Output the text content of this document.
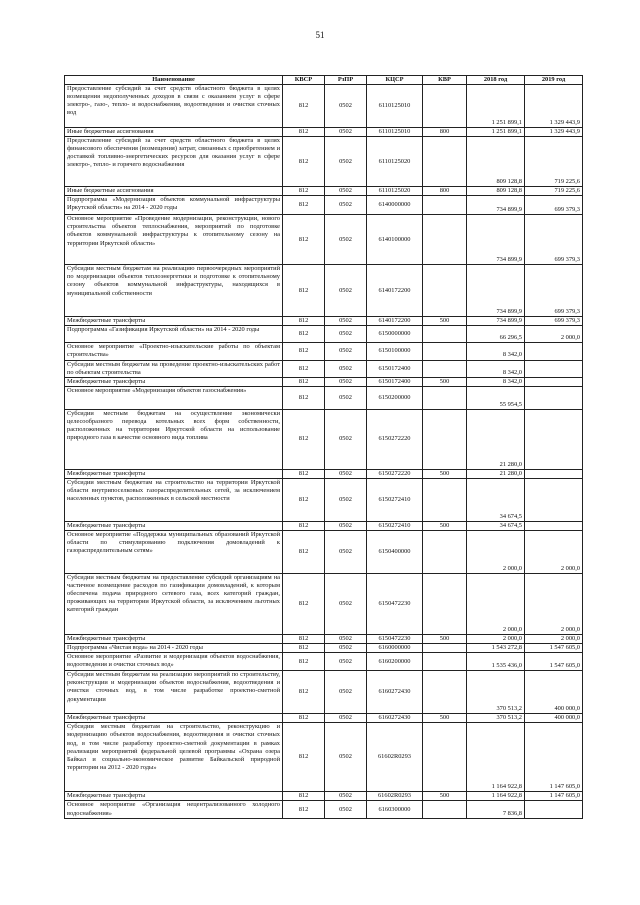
51
Наименование	КВСР	РзПР	КЦСР	КВР	2018 год	2019 год
Предоставление субсидий за счет средств областного бюджета в целях возмещения недополученных доходов в связи с оказанием услуг в сфере электро-, газо-, тепло- и водоснабжения, водоотведения и очистки сточных вод	812	0502	6110125010		1 251 899,1	1 329 443,9
Иные бюджетные ассигнования	812	0502	6110125010	800	1 251 899,1	1 329 443,9
Предоставление субсидий за счет средств областного бюджета в целях финансового обеспечения (возмещения) затрат, связанных с приобретением и доставкой топливно-энергетических ресурсов для оказания услуг в сфере электро-, тепло- и горячего водоснабжения	812	0502	6110125020		809 128,8	719 225,6
Иные бюджетные ассигнования	812	0502	6110125020	800	809 128,8	719 225,6
Подпрограмма «Модернизация объектов коммунальной инфраструктуры Иркутской области» на 2014 - 2020 годы	812	0502	6140000000		734 899,9	699 379,3
Основное мероприятие «Проведение модернизации, реконструкции, нового строительства объектов теплоснабжения, мероприятий по подготовке объектов коммунальной инфраструктуры к отопительному сезону на территории Иркутской области»	812	0502	6140100000		734 899,9	699 379,3
Субсидии местным бюджетам на реализацию первоочередных мероприятий по модернизации объектов теплоэнергетики и подготовке к отопительному сезону объектов коммунальной инфраструктуры, находящихся в муниципальной собственности	812	0502	6140172200		734 899,9	699 379,3
Межбюджетные трансферты	812	0502	6140172200	500	734 899,9	699 379,3
Подпрограмма «Газификация Иркутской области» на 2014 - 2020 годы	812	0502	6150000000		66 296,5	2 000,0
Основное мероприятие «Проектно-изыскательские работы по объектам строительства»	812	0502	6150100000		8 342,0	
Субсидии местным бюджетам на проведение проектно-изыскательских работ по объектам строительства	812	0502	6150172400		8 342,0	
Межбюджетные трансферты	812	0502	6150172400	500	8 342,0	
Основное мероприятие «Модернизация объектов газоснабжения»	812	0502	6150200000		55 954,5	
Субсидии местным бюджетам на осуществление экономически целесообразного перевода котельных всех форм собственности, расположенных на территории Иркутской области на использование природного газа в качестве основного вида топлива	812	0502	6150272220		21 280,0	
Межбюджетные трансферты	812	0502	6150272220	500	21 280,0	
Субсидии местным бюджетам на строительство на территории Иркутской области внутрипоселковых газораспределительных сетей, за исключением населенных пунктов, расположенных в сельской местности	812	0502	6150272410		34 674,5	
Межбюджетные трансферты	812	0502	6150272410	500	34 674,5	
Основное мероприятие «Поддержка муниципальных образований Иркутской области по стимулированию подключения домовладений к газораспределительным сетям»	812	0502	6150400000		2 000,0	2 000,0
Субсидии местным бюджетам на предоставление субсидий организациям на частичное возмещение расходов по газификации домовладений, к которым обеспечена подача природного сетевого газа, всех категорий граждан, проживающих на территории Иркутской области, за исключением льготных категорий граждан	812	0502	6150472230		2 000,0	2 000,0
Межбюджетные трансферты	812	0502	6150472230	500	2 000,0	2 000,0
Подпрограмма «Чистая вода» на 2014 - 2020 годы	812	0502	6160000000		1 543 272,8	1 547 605,0
Основное мероприятие «Развитие и модернизация объектов водоснабжения, водоотведения и очистки сточных вод»	812	0502	6160200000		1 535 436,0	1 547 605,0
Субсидии местным бюджетам на реализацию мероприятий по строительству, реконструкции и модернизации объектов водоснабжения, водоотведения и очистки сточных вод, в том числе разработке проектно-сметной документации	812	0502	6160272430		370 513,2	400 000,0
Межбюджетные трансферты	812	0502	6160272430	500	370 513,2	400 000,0
Субсидии местным бюджетам на строительство, реконструкцию и модернизацию объектов водоснабжения, водоотведения и очистки сточных вод, в том числе разработку проектно-сметной документации в рамках реализации мероприятий федеральной целевой программы «Охрана озера Байкал и социально-экономическое развитие Байкальской природной территории на 2012 - 2020 годы»	812	0502	61602R0293		1 164 922,8	1 147 605,0
Межбюджетные трансферты	812	0502	61602R0293	500	1 164 922,8	1 147 605,0
Основное мероприятие «Организация нецентрализованного холодного водоснабжения»	812	0502	6160300000		7 836,8	
